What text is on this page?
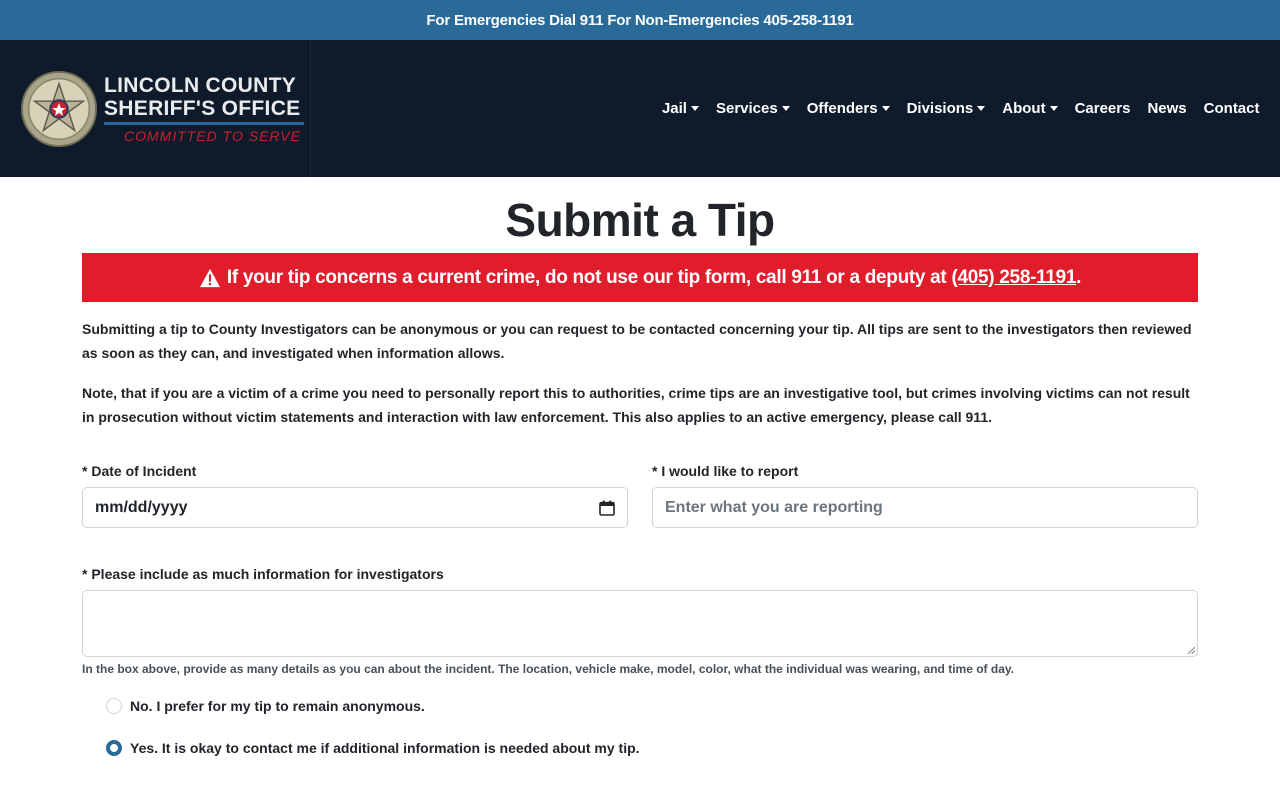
For Emergencies Dial 911 For Non-Emergencies 405-258-1191
LINCOLN COUNTY
SHERIFF'S OFFICE
COMMITTED TO SERVE
Jail Services Offenders Divisions About Careers News Contact
Submit a Tip
If your tip concerns a current crime, do not use our tip form, call 911 or a deputy at
(405) 258-1191 .

Submitting a tip to County Investigators can be anonymous or you can request to be contacted concerning your tip. All tips are sent to the investigators then reviewed as soon as they can, and investigated when information allows.

Note, that if you are a victim of a crime you need to personally report this to authorities, crime tips are an investigative tool, but crimes involving victims can not result in prosecution without victim statements and interaction with law enforcement. This also applies to an active emergency, please call 911.

* Date of Incident
mm/dd/yyyy
* I would like to report
Enter what you are reporting
* Please include as much information for investigators
In the box above, provide as many details as you can about the incident. The location, vehicle make, model, color, what the individual was wearing, and time of day.
No. I prefer for my tip to remain anonymous.
Yes. It is okay to contact me if additional information is needed about my tip.
